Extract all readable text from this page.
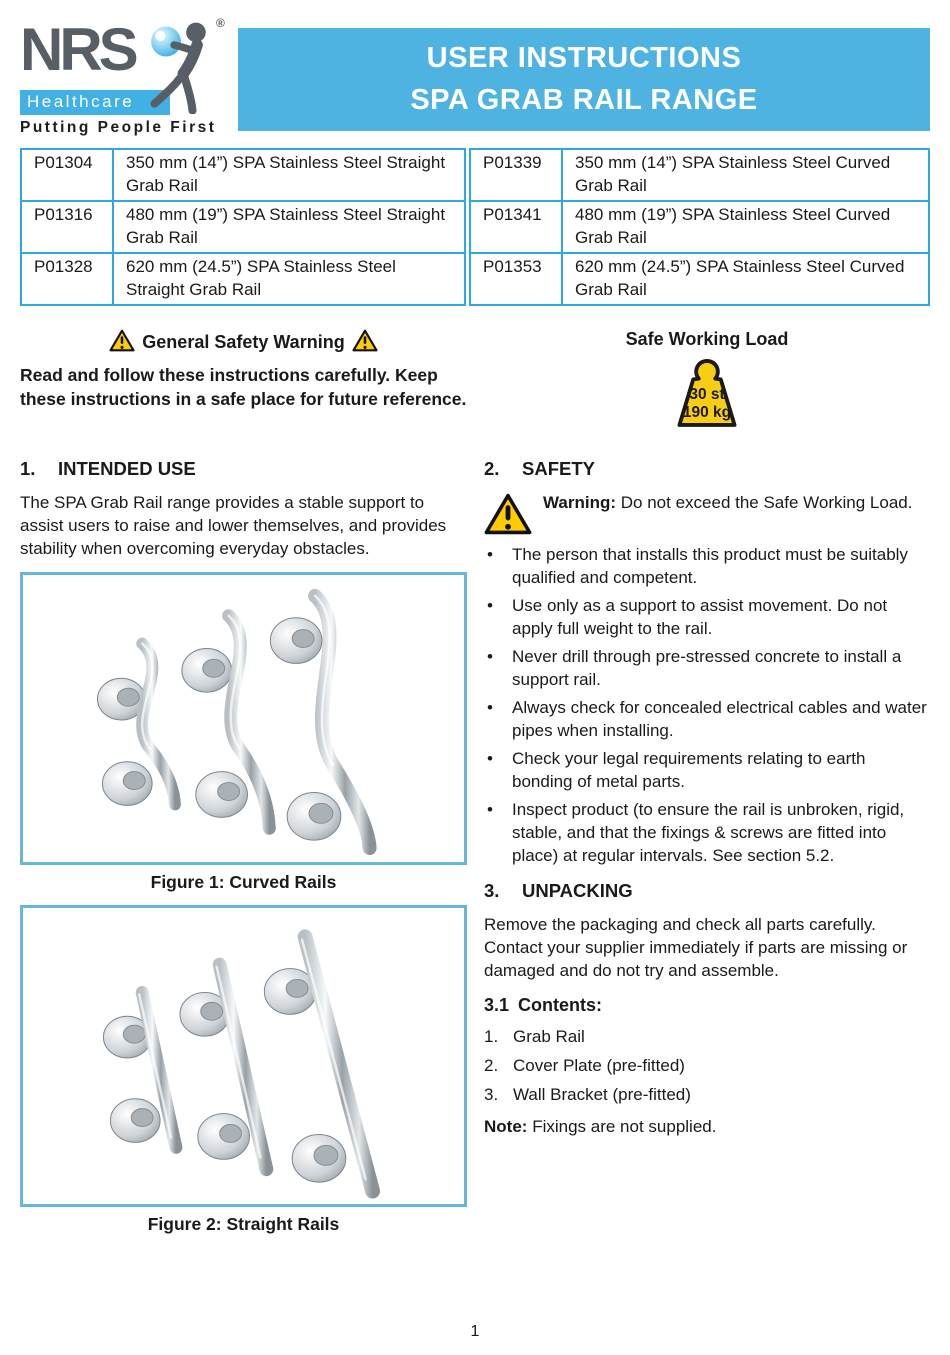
NRS	®
Healthcare
Putting People First
USER INSTRUCTIONS
SPA GRAB RAIL RANGE
P01304	350 mm (14”) SPA Stainless Steel Straight Grab Rail
P01316	480 mm (19”) SPA Stainless Steel Straight Grab Rail
P01328	620 mm (24.5”) SPA Stainless Steel Straight Grab Rail
P01339	350 mm (14”) SPA Stainless Steel Curved Grab Rail
P01341	480 mm (19”) SPA Stainless Steel Curved Grab Rail
P01353	620 mm (24.5”) SPA Stainless Steel Curved Grab Rail
General Safety Warning

Read and follow these instructions carefully. Keep these instructions in a safe place for future reference.

1. INTENDED USE

The SPA Grab Rail range provides a stable support to assist users to raise and lower themselves, and provides stability when overcoming everyday obstacles.

Figure 1: Curved Rails

Figure 2: Straight Rails

Safe Working Load
30 st
190 kg
2. SAFETY

Warning: Do not exceed the Safe Working Load.

•	The person that installs this product must be suitably qualified and competent.
•	Use only as a support to assist movement. Do not apply full weight to the rail.
•	Never drill through pre-stressed concrete to install a support rail.
•	Always check for concealed electrical cables and water pipes when installing.
•	Check your legal requirements relating to earth bonding of metal parts.
•	Inspect product (to ensure the rail is unbroken, rigid, stable, and that the fixings & screws are fitted into place) at regular intervals. See section 5.2.
3. UNPACKING

Remove the packaging and check all parts carefully. Contact your supplier immediately if parts are missing or damaged and do not try and assemble.

3.1 Contents:
1. Grab Rail
2. Cover Plate (pre-fitted)
3. Wall Bracket (pre-fitted)

Note: Fixings are not supplied.

1
